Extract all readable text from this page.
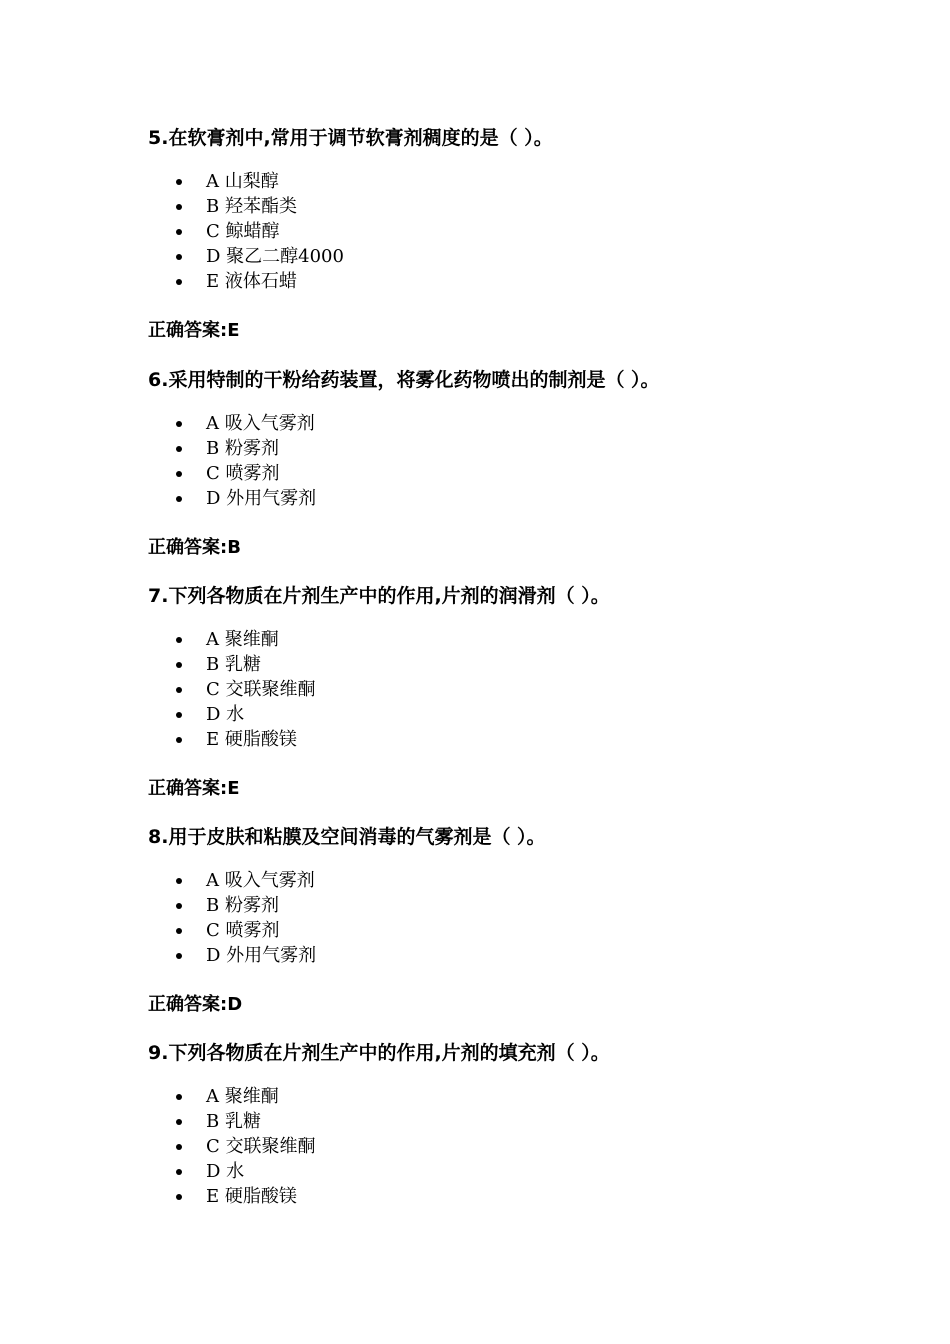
5.在软膏剂中,常用于调节软膏剂稠度的是（ ）。
A 山梨醇
B 羟苯酯类
C 鲸蜡醇
D 聚乙二醇4000
E 液体石蜡
正确答案:E
6.采用特制的干粉给药装置，将雾化药物喷出的制剂是（ ）。
A 吸入气雾剂
B 粉雾剂
C 喷雾剂
D 外用气雾剂
正确答案:B
7.下列各物质在片剂生产中的作用,片剂的润滑剂（ ）。
A 聚维酮
B 乳糖
C 交联聚维酮
D 水
E 硬脂酸镁
正确答案:E
8.用于皮肤和粘膜及空间消毒的气雾剂是（ ）。
A 吸入气雾剂
B 粉雾剂
C 喷雾剂
D 外用气雾剂
正确答案:D
9.下列各物质在片剂生产中的作用,片剂的填充剂（ ）。
A 聚维酮
B 乳糖
C 交联聚维酮
D 水
E 硬脂酸镁
